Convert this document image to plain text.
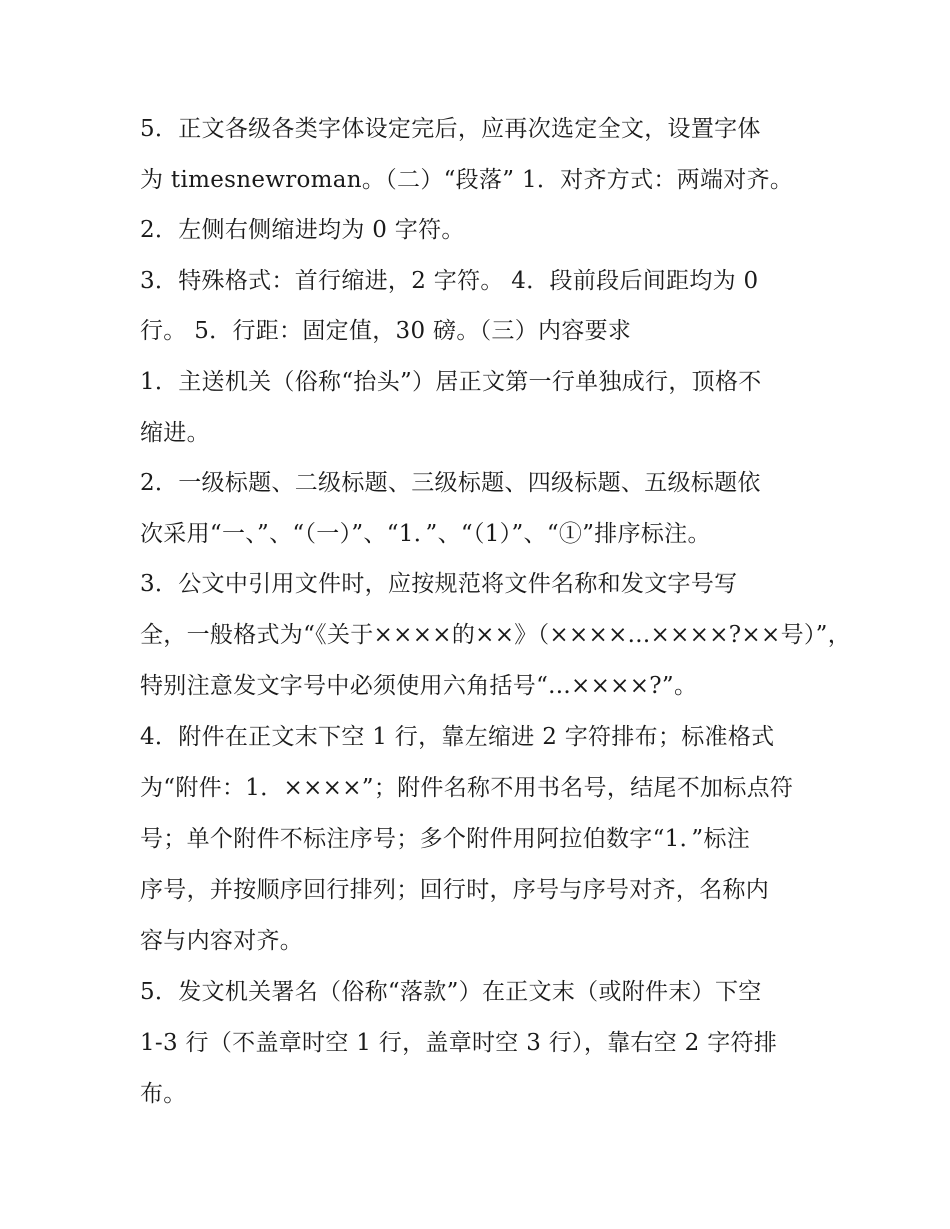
5．正文各级各类字体设定完后，应再次选定全文，设置字体
为 timesnewroman。（二）“段落” 1．对齐方式：两端对齐。
2．左侧右侧缩进均为 0 字符。
3．特殊格式：首行缩进，2 字符。 4．段前段后间距均为 0
行。 5．行距：固定值，30 磅。（三）内容要求
1．主送机关（俗称“抬头”）居正文第一行单独成行，顶格不
缩进。
2．一级标题、二级标题、三级标题、四级标题、五级标题依
次采用“一、”、“（一）”、“1．”、“（1）”、“①”排序标注。
3．公文中引用文件时，应按规范将文件名称和发文字号写
全，一般格式为“《关于××××的××》（××××...××××?××号）”，
特别注意发文字号中必须使用六角括号“...××××?”。
4．附件在正文末下空 1 行，靠左缩进 2 字符排布；标准格式
为“附件：1．××××”；附件名称不用书名号，结尾不加标点符
号；单个附件不标注序号；多个附件用阿拉伯数字“1．”标注
序号，并按顺序回行排列；回行时，序号与序号对齐，名称内
容与内容对齐。
5．发文机关署名（俗称“落款”）在正文末（或附件末）下空
1-3 行（不盖章时空 1 行，盖章时空 3 行），靠右空 2 字符排
布。
